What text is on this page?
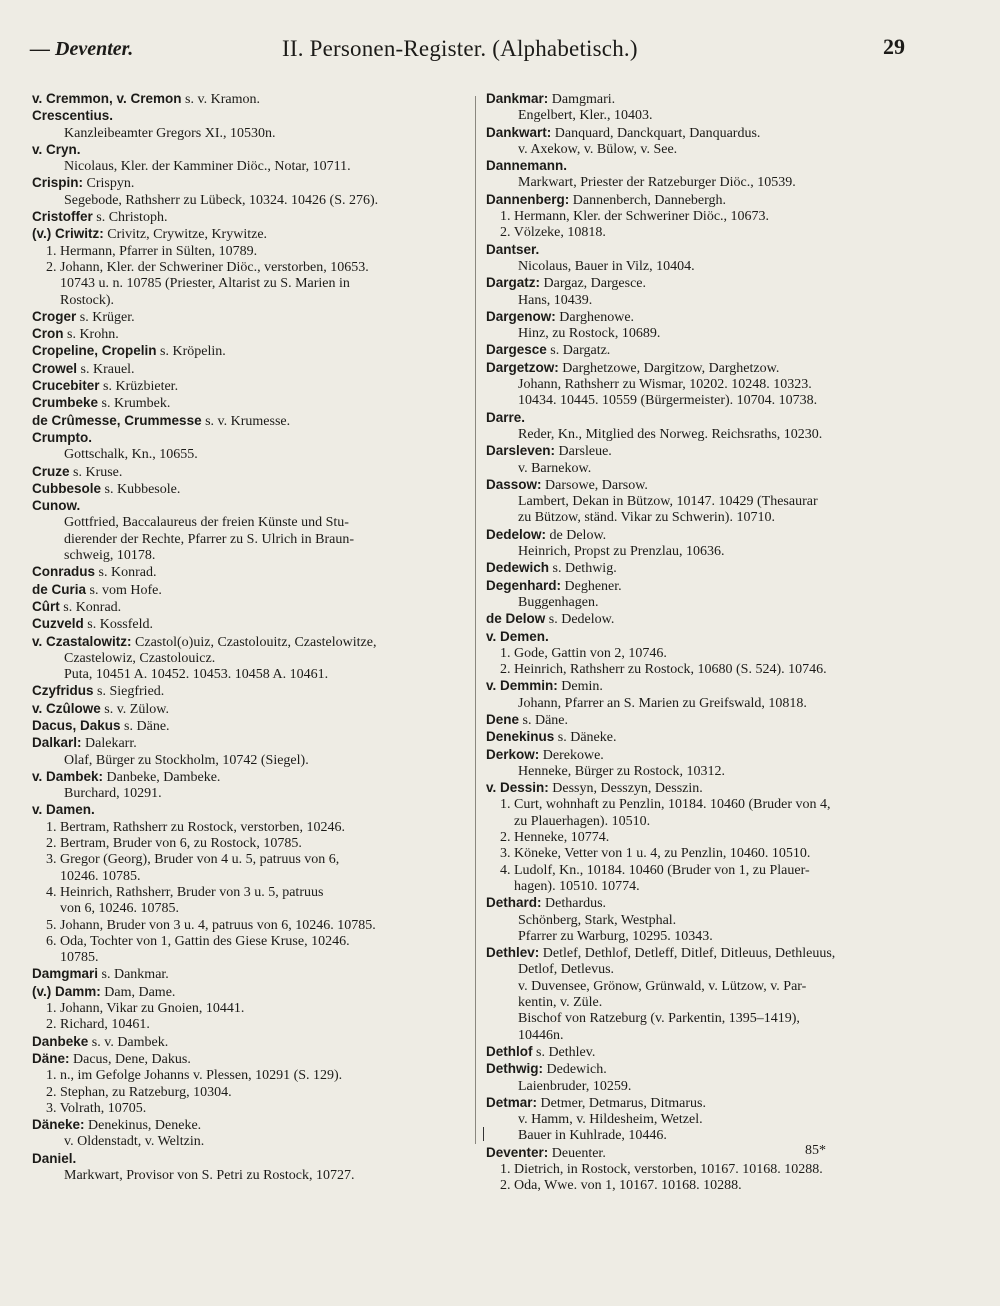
— Deventer.	II. Personen-Register. (Alphabetisch.)	29
v. Cremmon, v. Cremon s. v. Kramon.
Crescentius.
Kanzleibeamter Gregors XI., 10530n.
v. Cryn.
Nicolaus, Kler. der Kamminer Diöc., Notar, 10711.
Crispin: Crispyn.
Segebode, Rathsherr zu Lübeck, 10324. 10426 (S. 276).
Cristoffer s. Christoph.
(v.) Criwitz: Crivitz, Crywitze, Krywitze.
1. Hermann, Pfarrer in Sülten, 10789.
2. Johann, Kler. der Schweriner Diöc., verstorben, 10653.
10743 u. n. 10785 (Priester, Altarist zu S. Marien in
Rostock).
Croger s. Krüger.
Cron s. Krohn.
Cropeline, Cropelin s. Kröpelin.
Crowel s. Krauel.
Crucebiter s. Krüzbieter.
Crumbeke s. Krumbek.
de Crûmesse, Crummesse s. v. Krumesse.
Crumpto.
Gottschalk, Kn., 10655.
Cruze s. Kruse.
Cubbesole s. Kubbesole.
Cunow.
Gottfried, Baccalaureus der freien Künste und Stu-
dierender der Rechte, Pfarrer zu S. Ulrich in Braun-
schweig, 10178.
Conradus s. Konrad.
de Curia s. vom Hofe.
Cûrt s. Konrad.
Cuzveld s. Kossfeld.
v. Czastalowitz: Czastol(o)uiz, Czastolouitz, Czastelowitze,
Czastelowiz, Czastolouicz.
Puta, 10451 A. 10452. 10453. 10458 A. 10461.
Czyfridus s. Siegfried.
v. Czûlowe s. v. Zülow.
Dacus, Dakus s. Däne.
Dalkarl: Dalekarr.
Olaf, Bürger zu Stockholm, 10742 (Siegel).
v. Dambek: Danbeke, Dambeke.
Burchard, 10291.
v. Damen.
1. Bertram, Rathsherr zu Rostock, verstorben, 10246.
2. Bertram, Bruder von 6, zu Rostock, 10785.
3. Gregor (Georg), Bruder von 4 u. 5, patruus von 6,
10246. 10785.
4. Heinrich, Rathsherr, Bruder von 3 u. 5, patruus
von 6, 10246. 10785.
5. Johann, Bruder von 3 u. 4, patruus von 6, 10246. 10785.
6. Oda, Tochter von 1, Gattin des Giese Kruse, 10246.
10785.
Damgmari s. Dankmar.
(v.) Damm: Dam, Dame.
1. Johann, Vikar zu Gnoien, 10441.
2. Richard, 10461.
Danbeke s. v. Dambek.
Däne: Dacus, Dene, Dakus.
1. n., im Gefolge Johanns v. Plessen, 10291 (S. 129).
2. Stephan, zu Ratzeburg, 10304.
3. Volrath, 10705.
Däneke: Denekinus, Deneke.
v. Oldenstadt, v. Weltzin.
Daniel.
Markwart, Provisor von S. Petri zu Rostock, 10727.
Dankmar: Damgmari.
Engelbert, Kler., 10403.
Dankwart: Danquard, Danckquart, Danquardus.
v. Axekow, v. Bülow, v. See.
Dannemann.
Markwart, Priester der Ratzeburger Diöc., 10539.
Dannenberg: Dannenberch, Dannebergh.
1. Hermann, Kler. der Schweriner Diöc., 10673.
2. Völzeke, 10818.
Dantser.
Nicolaus, Bauer in Vilz, 10404.
Dargatz: Dargaz, Dargesce.
Hans, 10439.
Dargenow: Darghenowe.
Hinz, zu Rostock, 10689.
Dargesce s. Dargatz.
Dargetzow: Darghetzowe, Dargitzow, Darghetzow.
Johann, Rathsherr zu Wismar, 10202. 10248. 10323.
10434. 10445. 10559 (Bürgermeister). 10704. 10738.
Darre.
Reder, Kn., Mitglied des Norweg. Reichsraths, 10230.
Darsleven: Darsleue.
v. Barnekow.
Dassow: Darsowe, Darsow.
Lambert, Dekan in Bützow, 10147. 10429 (Thesaurar
zu Bützow, ständ. Vikar zu Schwerin). 10710.
Dedelow: de Delow.
Heinrich, Propst zu Prenzlau, 10636.
Dedewich s. Dethwig.
Degenhard: Deghener.
Buggenhagen.
de Delow s. Dedelow.
v. Demen.
1. Gode, Gattin von 2, 10746.
2. Heinrich, Rathsherr zu Rostock, 10680 (S. 524). 10746.
v. Demmin: Demin.
Johann, Pfarrer an S. Marien zu Greifswald, 10818.
Dene s. Däne.
Denekinus s. Däneke.
Derkow: Derekowe.
Henneke, Bürger zu Rostock, 10312.
v. Dessin: Dessyn, Desszyn, Desszin.
1. Curt, wohnhaft zu Penzlin, 10184. 10460 (Bruder von 4,
zu Plauerhagen). 10510.
2. Henneke, 10774.
3. Köneke, Vetter von 1 u. 4, zu Penzlin, 10460. 10510.
4. Ludolf, Kn., 10184. 10460 (Bruder von 1, zu Plauer-
hagen). 10510. 10774.
Dethard: Dethardus.
Schönberg, Stark, Westphal.
Pfarrer zu Warburg, 10295. 10343.
Dethlev: Detlef, Dethlof, Detleff, Ditlef, Ditleuus, Dethleuus,
Detlof, Detlevus.
v. Duvensee, Grönow, Grünwald, v. Lützow, v. Par-
kentin, v. Züle.
Bischof von Ratzeburg (v. Parkentin, 1395–1419),
10446n.
Dethlof s. Dethlev.
Dethwig: Dedewich.
Laienbruder, 10259.
Detmar: Detmer, Detmarus, Ditmarus.
v. Hamm, v. Hildesheim, Wetzel.
Bauer in Kuhlrade, 10446.
Deventer: Deuenter.
1. Dietrich, in Rostock, verstorben, 10167. 10168. 10288.
2. Oda, Wwe. von 1, 10167. 10168. 10288.
85*
